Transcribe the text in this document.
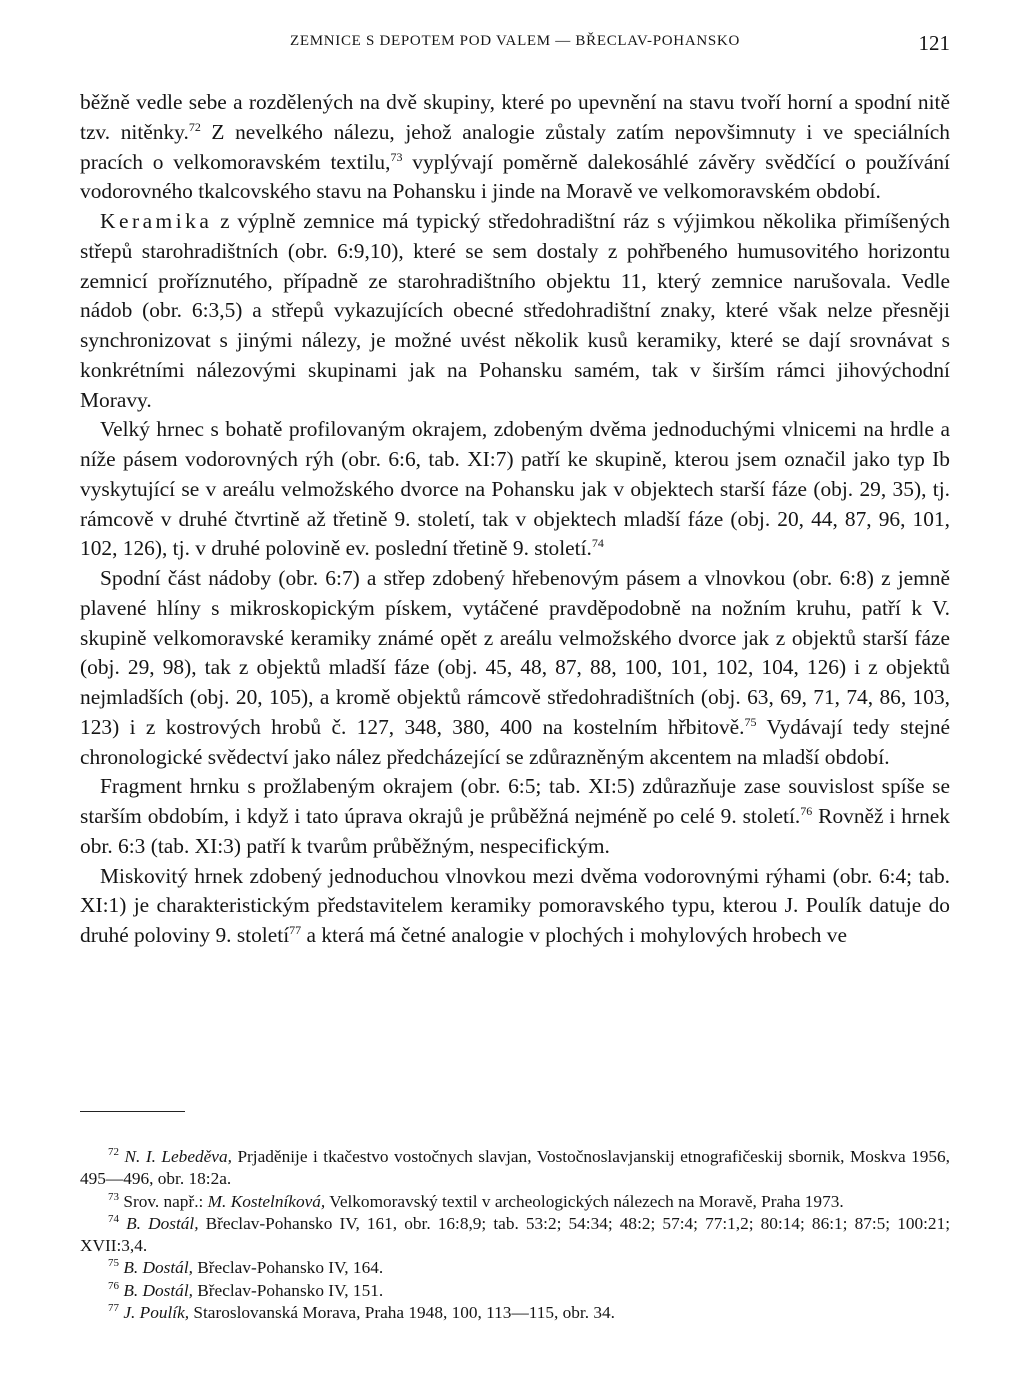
ZEMNICE S DEPOTEM POD VALEM — BŘECLAV-POHANSKO	121

běžně vedle sebe a rozdělených na dvě skupiny, které po upevnění na stavu tvoří horní a spodní nitě tzv. nitěnky.$^{72}$ Z nevelkého nálezu, jehož analogie zůstaly zatím nepovšimnuty i ve speciálních pracích o velkomoravském textilu,$^{73}$ vyplývají poměrně dalekosáhlé závěry svědčící o používání vodorovného tkalcovského stavu na Pohansku i jinde na Moravě ve velkomoravském období.

Keramika z výplně zemnice má typický středohradištní ráz s výjimkou několika přimíšených střepů starohradištních (obr. 6:9,10), které se sem dostaly z pohřbeného humusovitého horizontu zemnicí proříznutého, případně ze starohradištního objektu 11, který zemnice narušovala. Vedle nádob (obr. 6:3,5) a střepů vykazujících obecné středohradištní znaky, které však nelze přesněji synchronizovat s jinými nálezy, je možné uvést několik kusů keramiky, které se dají srovnávat s konkrétními nálezovými skupinami jak na Pohansku samém, tak v širším rámci jihovýchodní Moravy.

Velký hrnec s bohatě profilovaným okrajem, zdobeným dvěma jednoduchými vlnicemi na hrdle a níže pásem vodorovných rýh (obr. 6:6, tab. XI:7) patří ke skupině, kterou jsem označil jako typ Ib vyskytující se v areálu velmožského dvorce na Pohansku jak v objektech starší fáze (obj. 29, 35), tj. rámcově v druhé čtvrtině až třetině 9. století, tak v objektech mladší fáze (obj. 20, 44, 87, 96, 101, 102, 126), tj. v druhé polovině ev. poslední třetině 9. století.$^{74}$

Spodní část nádoby (obr. 6:7) a střep zdobený hřebenovým pásem a vlnovkou (obr. 6:8) z jemně plavené hlíny s mikroskopickým pískem, vytáčené pravděpodobně na nožním kruhu, patří k V. skupině velkomoravské keramiky známé opět z areálu velmožského dvorce jak z objektů starší fáze (obj. 29, 98), tak z objektů mladší fáze (obj. 45, 48, 87, 88, 100, 101, 102, 104, 126) i z objektů nejmladších (obj. 20, 105), a kromě objektů rámcově středohradištních (obj. 63, 69, 71, 74, 86, 103, 123) i z kostrových hrobů č. 127, 348, 380, 400 na kostelním hřbitově.$^{75}$ Vydávají tedy stejné chronologické svědectví jako nález předcházející se zdůrazněným akcentem na mladší období.

Fragment hrnku s prožlabeným okrajem (obr. 6:5; tab. XI:5) zdůrazňuje zase souvislost spíše se starším obdobím, i když i tato úprava okrajů je průběžná nejméně po celé 9. století.$^{76}$ Rovněž i hrnek obr. 6:3 (tab. XI:3) patří k tvarům průběžným, nespecifickým.

Miskovitý hrnek zdobený jednoduchou vlnovkou mezi dvěma vodorovnými rýhami (obr. 6:4; tab. XI:1) je charakteristickým představitelem keramiky pomoravského typu, kterou J. Poulík datuje do druhé poloviny 9. století$^{77}$ a která má četné analogie v plochých i mohylových hrobech ve

$^{72}$ N. I. Lebeděva, Prjaděnije i tkačestvo vostočnych slavjan, Vostočnoslavjanskij etnografičeskij sbornik, Moskva 1956, 495—496, obr. 18:2a.

$^{73}$ Srov. např.: M. Kostelníková, Velkomoravský textil v archeologických nálezech na Moravě, Praha 1973.

$^{74}$ B. Dostál, Břeclav-Pohansko IV, 161, obr. 16:8,9; tab. 53:2; 54:34; 48:2; 57:4; 77:1,2; 80:14; 86:1; 87:5; 100:21; XVII:3,4.

$^{75}$ B. Dostál, Břeclav-Pohansko IV, 164.

$^{76}$ B. Dostál, Břeclav-Pohansko IV, 151.

$^{77}$ J. Poulík, Staroslovanská Morava, Praha 1948, 100, 113—115, obr. 34.
